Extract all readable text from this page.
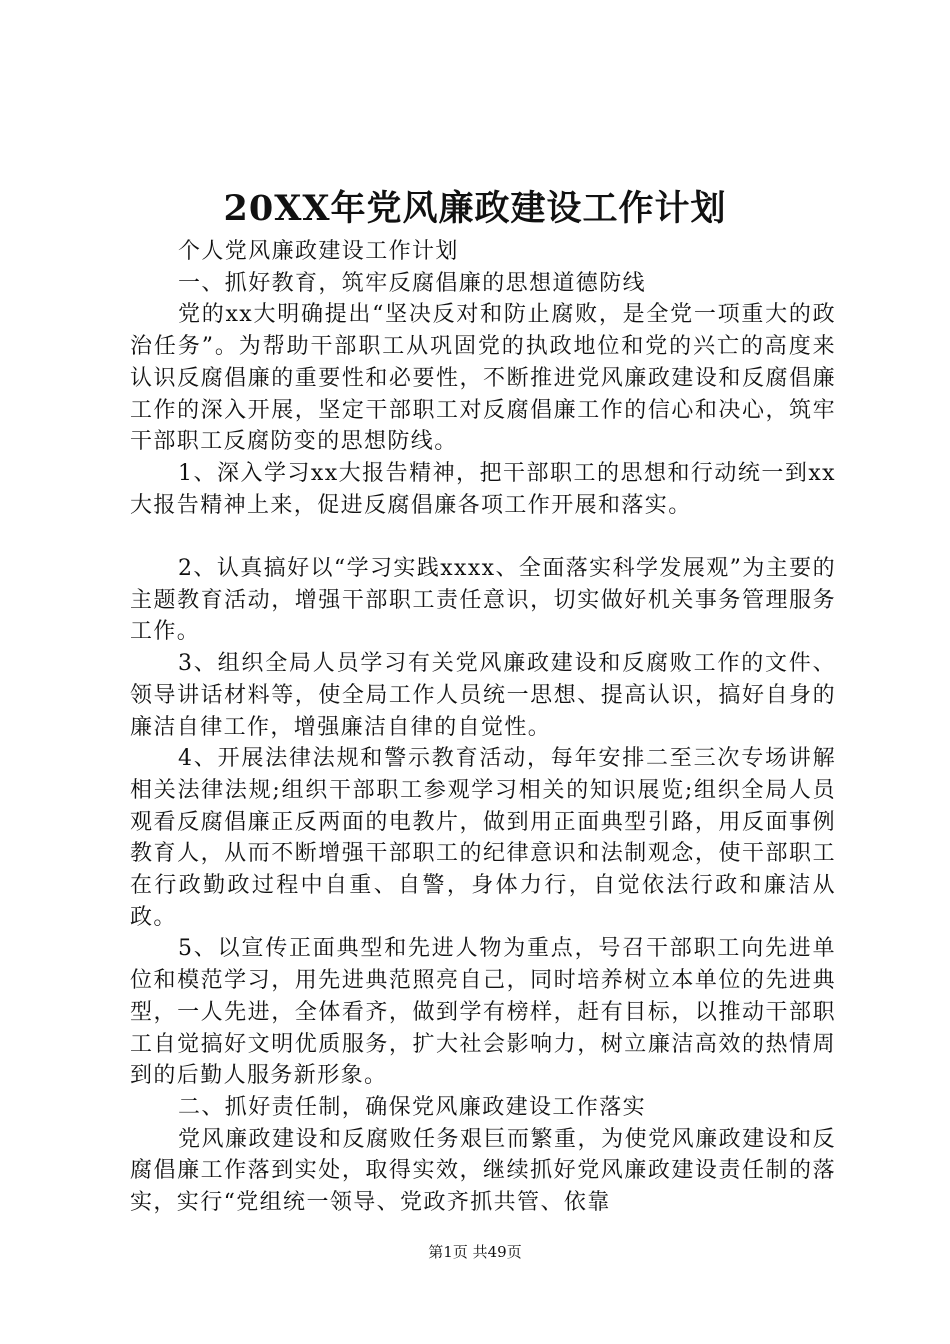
20XX年党风廉政建设工作计划

个人党风廉政建设工作计划

一、抓好教育，筑牢反腐倡廉的思想道德防线

党的xx大明确提出“坚决反对和防止腐败，是全党一项重大的政治任务”。为帮助干部职工从巩固党的执政地位和党的兴亡的高度来认识反腐倡廉的重要性和必要性，不断推进党风廉政建设和反腐倡廉工作的深入开展，坚定干部职工对反腐倡廉工作的信心和决心，筑牢干部职工反腐防变的思想防线。

1、深入学习xx大报告精神，把干部职工的思想和行动统一到xx大报告精神上来，促进反腐倡廉各项工作开展和落实。

2、认真搞好以“学习实践xxxx、全面落实科学发展观”为主要的主题教育活动，增强干部职工责任意识，切实做好机关事务管理服务工作。

3、组织全局人员学习有关党风廉政建设和反腐败工作的文件、领导讲话材料等，使全局工作人员统一思想、提高认识，搞好自身的廉洁自律工作，增强廉洁自律的自觉性。

4、开展法律法规和警示教育活动，每年安排二至三次专场讲解相关法律法规;组织干部职工参观学习相关的知识展览;组织全局人员观看反腐倡廉正反两面的电教片，做到用正面典型引路，用反面事例教育人，从而不断增强干部职工的纪律意识和法制观念，使干部职工在行政勤政过程中自重、自警，身体力行，自觉依法行政和廉洁从政。

5、以宣传正面典型和先进人物为重点，号召干部职工向先进单位和模范学习，用先进典范照亮自己，同时培养树立本单位的先进典型，一人先进，全体看齐，做到学有榜样，赶有目标，以推动干部职工自觉搞好文明优质服务，扩大社会影响力，树立廉洁高效的热情周到的后勤人服务新形象。

二、抓好责任制，确保党风廉政建设工作落实

党风廉政建设和反腐败任务艰巨而繁重，为使党风廉政建设和反腐倡廉工作落到实处，取得实效，继续抓好党风廉政建设责任制的落实，实行“党组统一领导、党政齐抓共管、依靠

第1页 共49页
